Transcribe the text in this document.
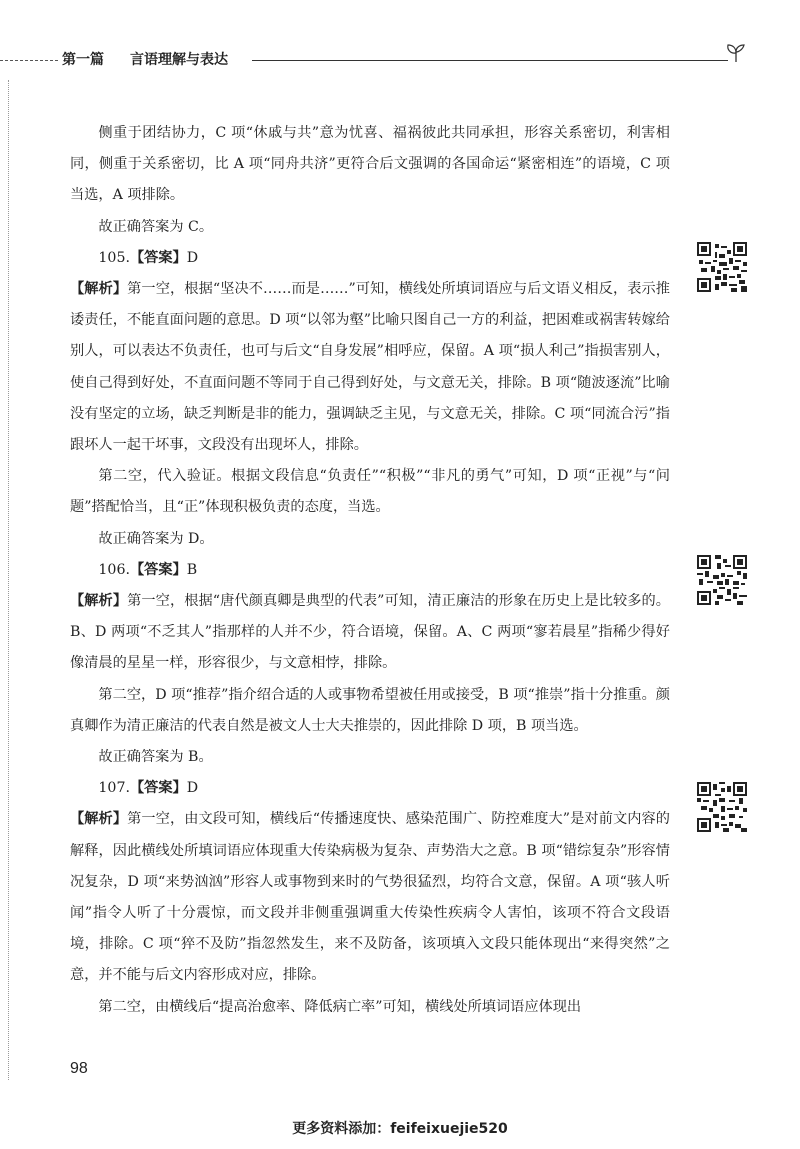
第一篇 言语理解与表达

侧重于团结协力，C 项“休戚与共”意为忧喜、福祸彼此共同承担，形容关系密切，利害相同，侧重于关系密切，比 A 项“同舟共济”更符合后文强调的各国命运“紧密相连”的语境，C 项当选，A 项排除。

故正确答案为 C。

105.【答案】D

【解析】第一空，根据“坚决不……而是……”可知，横线处所填词语应与后文语义相反，表示推诿责任，不能直面问题的意思。D 项“以邻为壑”比喻只图自己一方的利益，把困难或祸害转嫁给别人，可以表达不负责任，也可与后文“自身发展”相呼应，保留。A 项“损人利己”指损害别人，使自己得到好处，不直面问题不等同于自己得到好处，与文意无关，排除。B 项“随波逐流”比喻没有坚定的立场，缺乏判断是非的能力，强调缺乏主见，与文意无关，排除。C 项“同流合污”指跟坏人一起干坏事，文段没有出现坏人，排除。

第二空，代入验证。根据文段信息“负责任”“积极”“非凡的勇气”可知，D 项“正视”与“问题”搭配恰当，且“正”体现积极负责的态度，当选。

故正确答案为 D。

106.【答案】B

【解析】第一空，根据“唐代颜真卿是典型的代表”可知，清正廉洁的形象在历史上是比较多的。B、D 两项“不乏其人”指那样的人并不少，符合语境，保留。A、C 两项“寥若晨星”指稀少得好像清晨的星星一样，形容很少，与文意相悖，排除。

第二空，D 项“推荐”指介绍合适的人或事物希望被任用或接受，B 项“推崇”指十分推重。颜真卿作为清正廉洁的代表自然是被文人士大夫推崇的，因此排除 D 项，B 项当选。

故正确答案为 B。

107.【答案】D

【解析】第一空，由文段可知，横线后“传播速度快、感染范围广、防控难度大”是对前文内容的解释，因此横线处所填词语应体现重大传染病极为复杂、声势浩大之意。B 项“错综复杂”形容情况复杂，D 项“来势汹汹”形容人或事物到来时的气势很猛烈，均符合文意，保留。A 项“骇人听闻”指令人听了十分震惊，而文段并非侧重强调重大传染性疾病令人害怕，该项不符合文段语境，排除。C 项“猝不及防”指忽然发生，来不及防备，该项填入文段只能体现出“来得突然”之意，并不能与后文内容形成对应，排除。

第二空，由横线后“提高治愈率、降低病亡率”可知，横线处所填词语应体现出

98
更多资料添加：feifeixuejie520
